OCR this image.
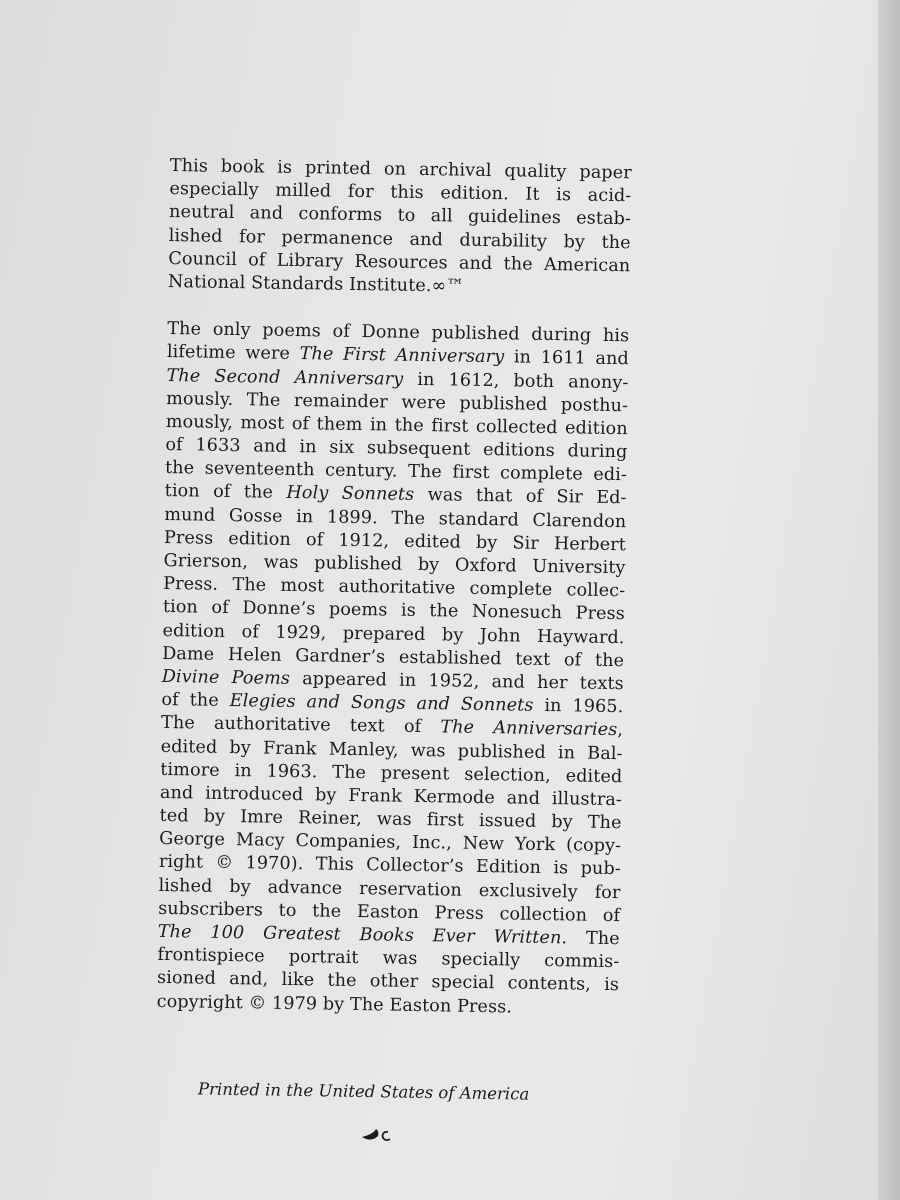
This book is printed on archival quality paper
especially milled for this edition. It is acid-
neutral and conforms to all guidelines estab-
lished for permanence and durability by the
Council of Library Resources and the American
National Standards Institute.∞™
The only poems of Donne published during his
lifetime were The First Anniversary in 1611 and
The Second Anniversary in 1612, both anony-
mously. The remainder were published posthu-
mously, most of them in the first collected edition
of 1633 and in six subsequent editions during
the seventeenth century. The first complete edi-
tion of the Holy Sonnets was that of Sir Ed-
mund Gosse in 1899. The standard Clarendon
Press edition of 1912, edited by Sir Herbert
Grierson, was published by Oxford University
Press. The most authoritative complete collec-
tion of Donne’s poems is the Nonesuch Press
edition of 1929, prepared by John Hayward.
Dame Helen Gardner’s established text of the
Divine Poems appeared in 1952, and her texts
of the Elegies and Songs and Sonnets in 1965.
The authoritative text of The Anniversaries,
edited by Frank Manley, was published in Bal-
timore in 1963. The present selection, edited
and introduced by Frank Kermode and illustra-
ted by Imre Reiner, was first issued by The
George Macy Companies, Inc., New York (copy-
right © 1970). This Collector’s Edition is pub-
lished by advance reservation exclusively for
subscribers to the Easton Press collection of
The 100 Greatest Books Ever Written. The
frontispiece portrait was specially commis-
sioned and, like the other special contents, is
copyright © 1979 by The Easton Press.
Printed in the United States of America
